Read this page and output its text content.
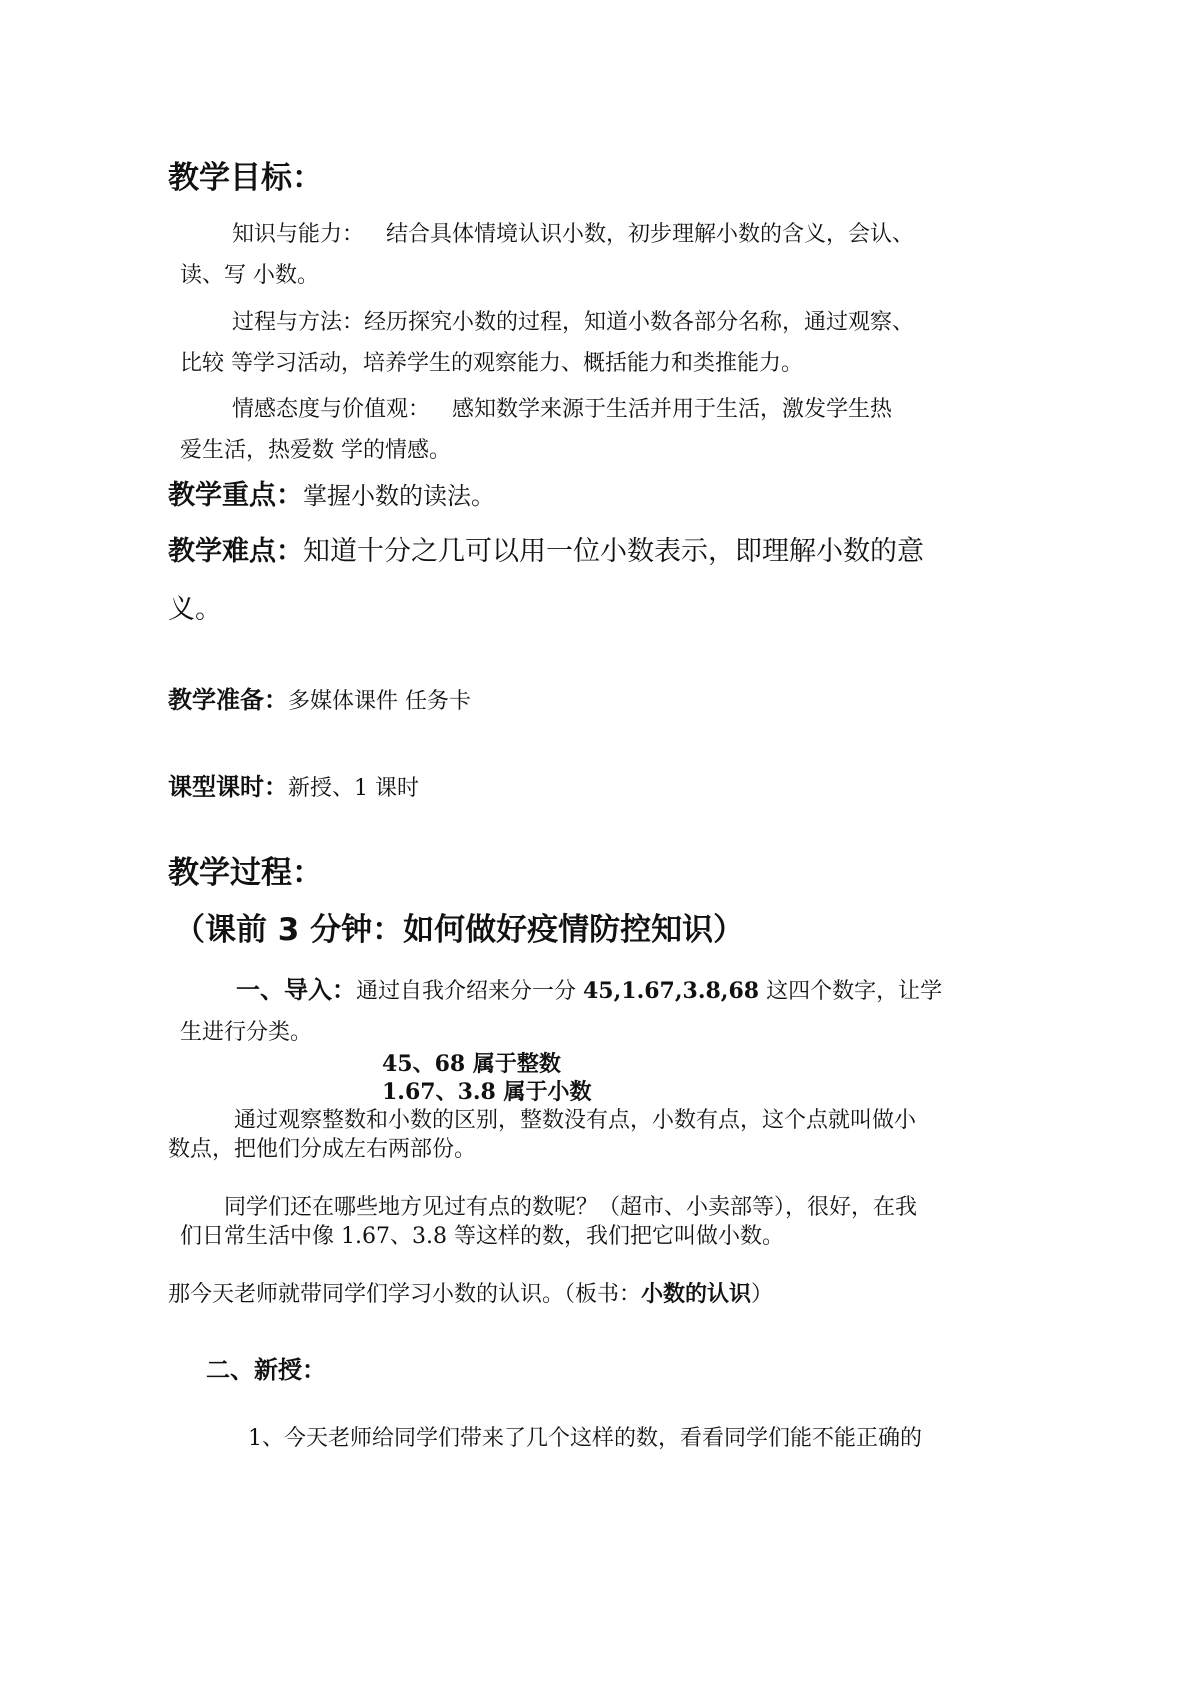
教学目标：
知识与能力： 结合具体情境认识小数，初步理解小数的含义，会认、
读、写 小数。
过程与方法：经历探究小数的过程，知道小数各部分名称，通过观察、
比较 等学习活动，培养学生的观察能力、概括能力和类推能力。
情感态度与价值观： 感知数学来源于生活并用于生活，激发学生热
爱生活，热爱数 学的情感。
教学重点：掌握小数的读法。
教学难点：知道十分之几可以用一位小数表示，即理解小数的意
义。
教学准备：多媒体课件 任务卡
课型课时：新授、1 课时
教学过程：
（课前 3 分钟：如何做好疫情防控知识）
一、导入：通过自我介绍来分一分 45,1.67,3.8,68 这四个数字，让学
生进行分类。
45、68 属于整数
1.67、3.8 属于小数
通过观察整数和小数的区别，整数没有点，小数有点，这个点就叫做小
数点，把他们分成左右两部份。
同学们还在哪些地方见过有点的数呢？（超市、小卖部等），很好，在我
们日常生活中像 1.67、3.8 等这样的数，我们把它叫做小数。
那今天老师就带同学们学习小数的认识。（板书：小数的认识）
二、新授：
1、今天老师给同学们带来了几个这样的数，看看同学们能不能正确的
